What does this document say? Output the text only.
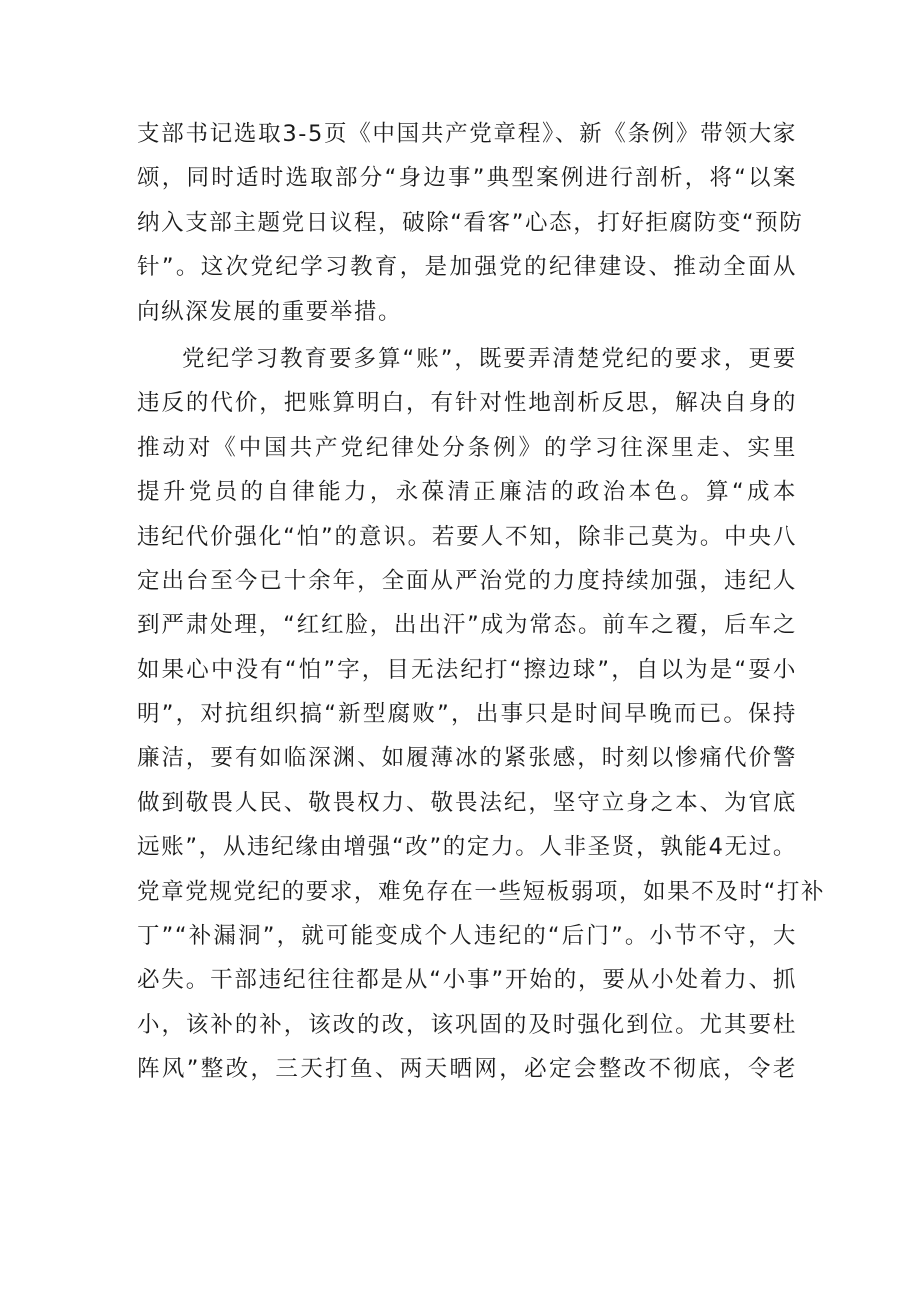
支部书记选取3-5页《中国共产党章程》、新《条例》带领大家
颂，同时适时选取部分“身边事”典型案例进行剖析，将“以案
纳入支部主题党日议程，破除“看客”心态，打好拒腐防变“预防
针”。这次党纪学习教育，是加强党的纪律建设、推动全面从
向纵深发展的重要举措。
党纪学习教育要多算“账”，既要弄清楚党纪的要求，更要
违反的代价，把账算明白，有针对性地剖析反思，解决自身的
推动对《中国共产党纪律处分条例》的学习往深里走、实里
提升党员的自律能力，永葆清正廉洁的政治本色。算“成本
违纪代价强化“怕”的意识。若要人不知，除非己莫为。中央八
定出台至今已十余年，全面从严治党的力度持续加强，违纪人
到严肃处理，“红红脸，出出汗”成为常态。前车之覆，后车之
如果心中没有“怕”字，目无法纪打“擦边球”，自以为是“耍小
明”，对抗组织搞“新型腐败”，出事只是时间早晚而已。保持
廉洁，要有如临深渊、如履薄冰的紧张感，时刻以惨痛代价警
做到敬畏人民、敬畏权力、敬畏法纪，坚守立身之本、为官底
远账”，从违纪缘由增强“改”的定力。人非圣贤，孰能4无过。
党章党规党纪的要求，难免存在一些短板弱项，如果不及时“打补
丁”“补漏洞”，就可能变成个人违纪的“后门”。小节不守，大
必失。干部违纪往往都是从“小事”开始的，要从小处着力、抓
小，该补的补，该改的改，该巩固的及时强化到位。尤其要杜
阵风”整改，三天打鱼、两天晒网，必定会整改不彻底，令老
